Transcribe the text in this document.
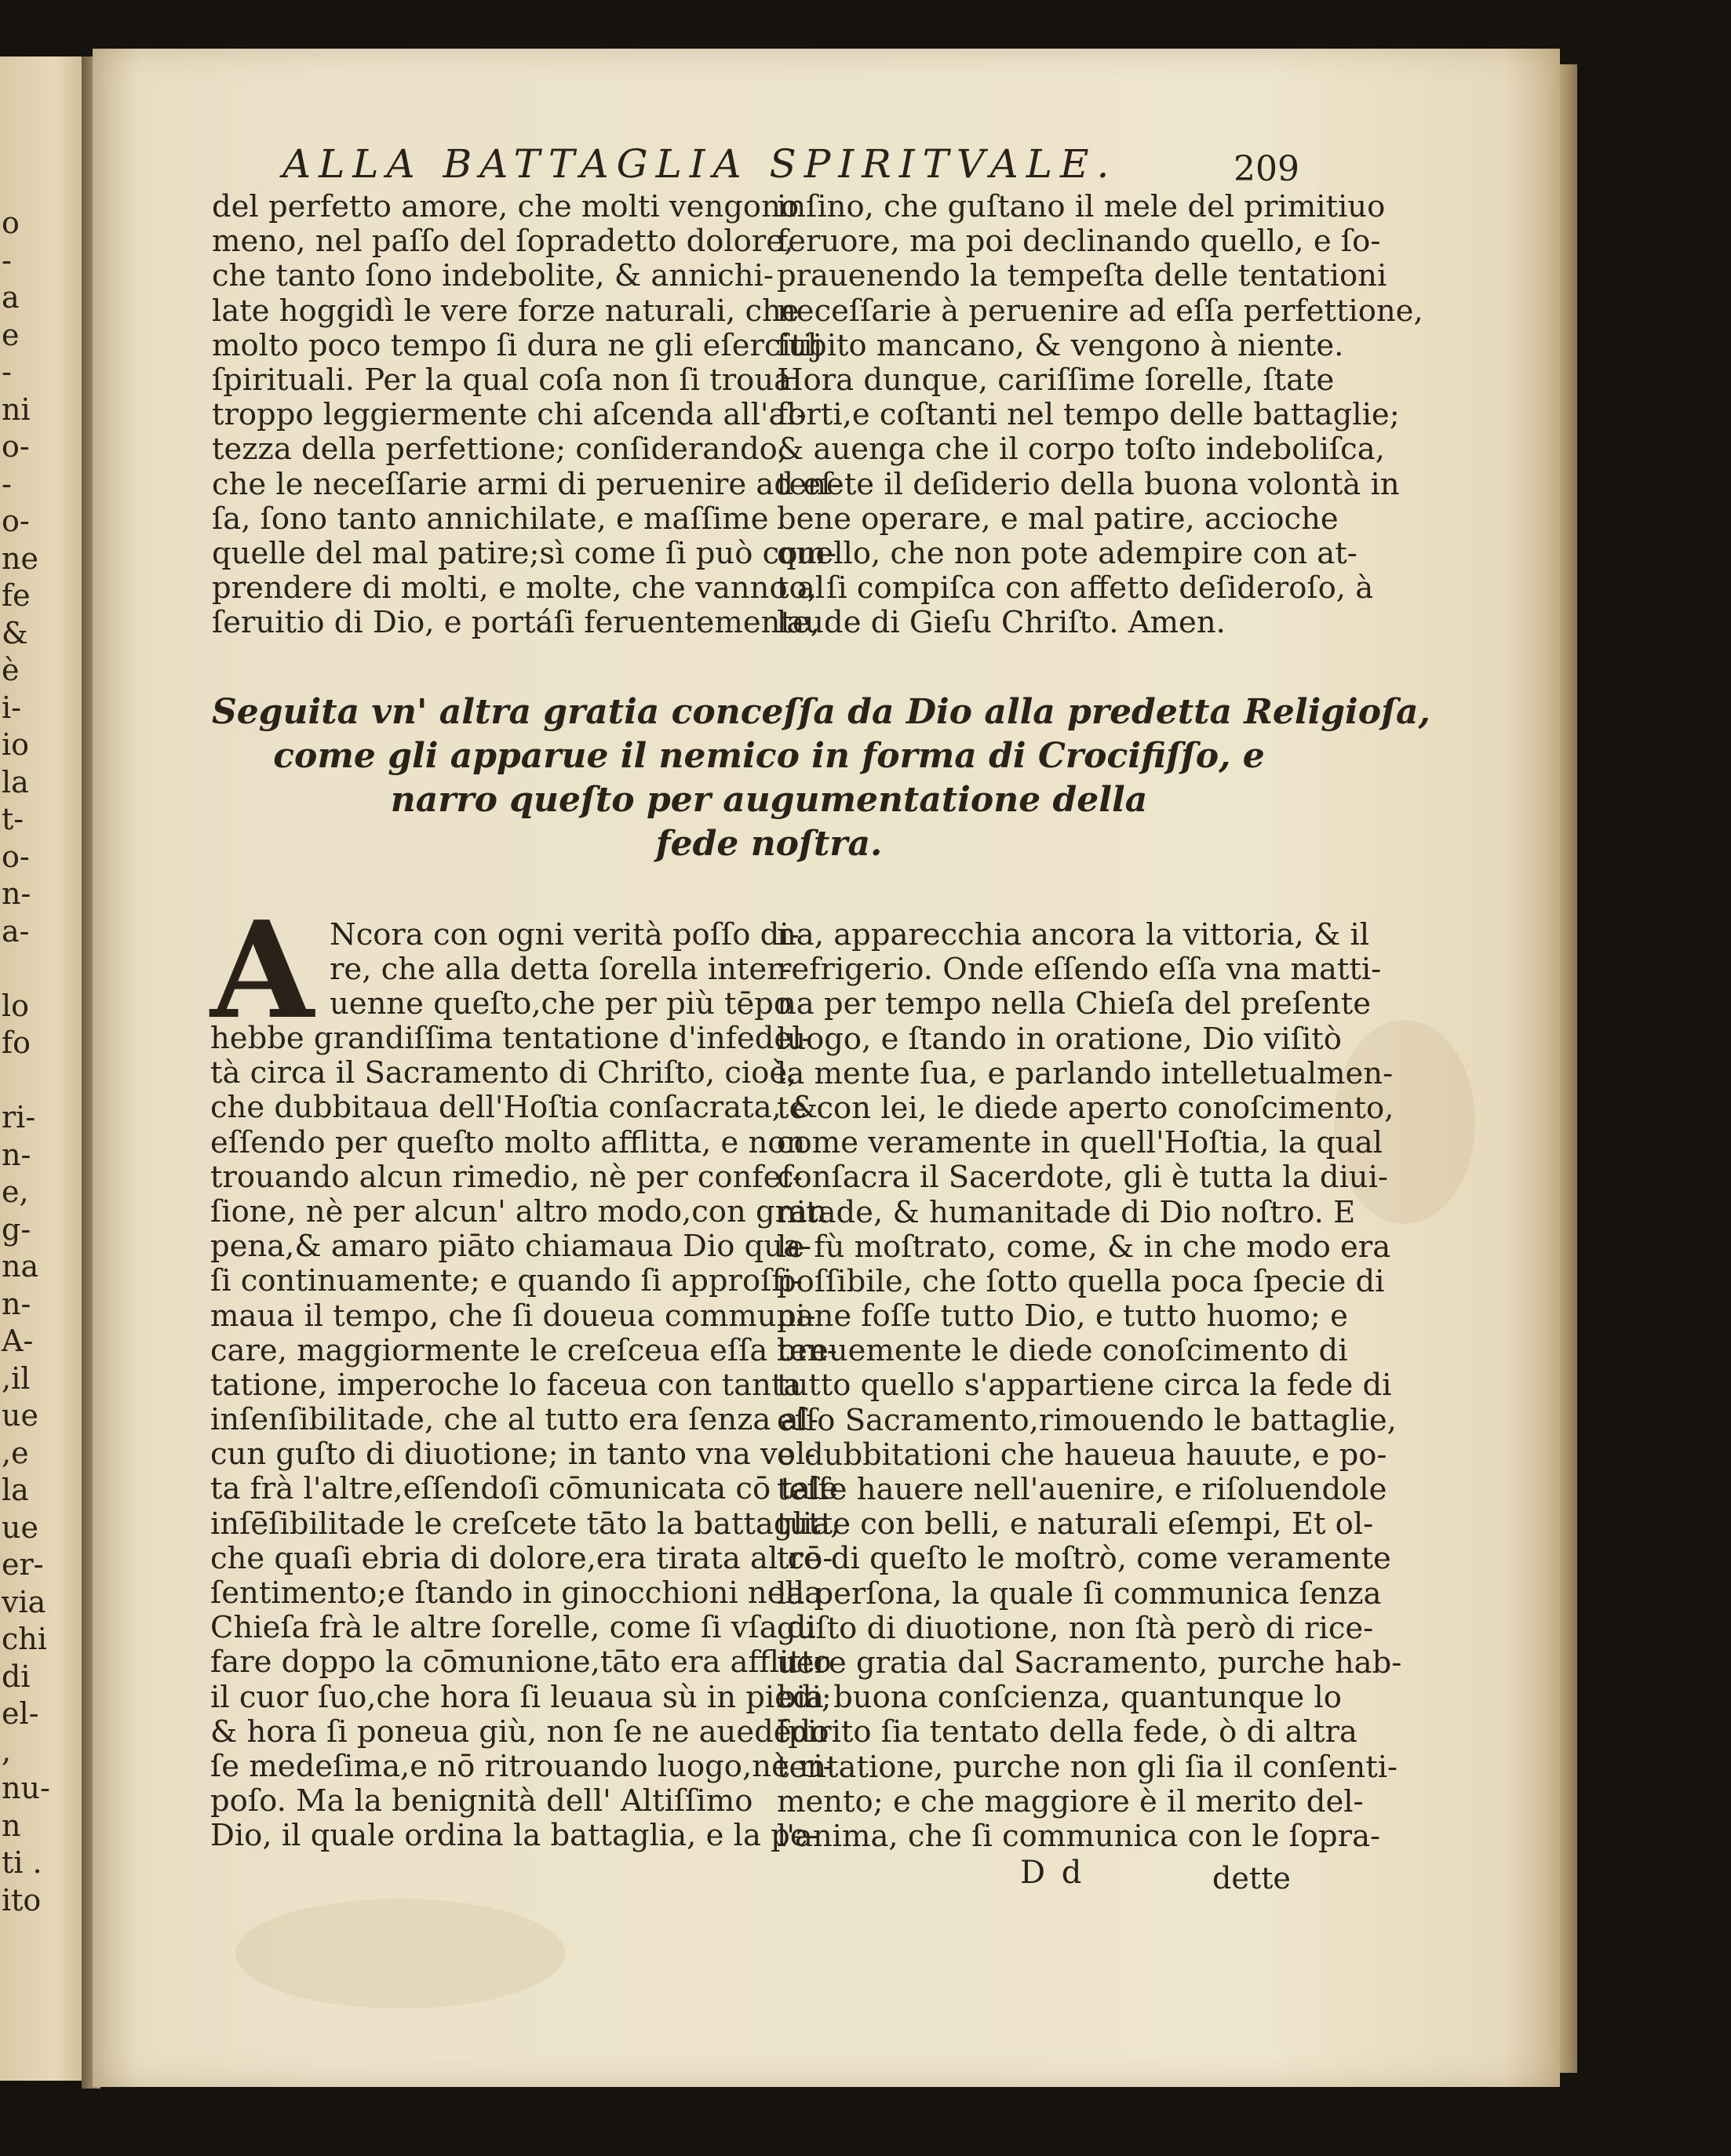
o
-
a
e
-
ni
o-
-
o-
ne
fe
&
è
i-
io
la
t-
o-
n-
a-
lo
fo
ri-
n-
e,
g-
na
n-
A-
,il
ue
,e
la
ue
er-
via
chi
di
el-
,
nu-
n
ti .
ito
ALLA BATTAGLIA SPIRITVALE.	209
del perfetto amore, che molti vengono
meno, nel paſſo del ſopradetto dolore,
che tanto ſono indebolite, & annichi-
late hoggidì le vere forze naturali, che
molto poco tempo ſi dura ne gli eſercitij
ſpirituali. Per la qual coſa non ſi troua
troppo leggiermente chi aſcenda all'al-
tezza della perfettione; conſiderando,
che le neceſſarie armi di peruenire ad eſ-
ſa, ſono tanto annichilate, e maſſime
quelle del mal patire;sì come ſi può com-
prendere di molti, e molte, che vanno al
ſeruitio di Dio, e portáſi feruentemente,
inſino, che guſtano il mele del primitiuo
feruore, ma poi declinando quello, e ſo-
prauenendo la tempeſta delle tentationi
neceſſarie à peruenire ad eſſa perfettione,
ſubito mancano, & vengono à niente.
Hora dunque, cariſſime ſorelle, ſtate
forti,e coſtanti nel tempo delle battaglie;
& auenga che il corpo toſto indeboliſca,
tenete il deſiderio della buona volontà in
bene operare, e mal patire, accioche
quello, che non pote adempire con at-
to, ſi compiſca con affetto deſideroſo, à
laude di Gieſu Chriſto. Amen.
Seguita vn' altra gratia conceſſa da Dio alla predetta Religioſa,
come gli apparue il nemico in forma di Crocifiſſo, e
narro queſto per augumentatione della
fede noſtra.
A Ncora con ogni verità poſſo di-
re, che alla detta ſorella inter-
uenne queſto,che per più tēpo
hebbe grandiſſima tentatione d'infedel-
tà circa il Sacramento di Chriſto, cioè,
che dubbitaua dell'Hoſtia conſacrata, &
eſſendo per queſto molto afflitta, e non
trouando alcun rimedio, nè per confeſ-
ſione, nè per alcun' altro modo,con gran
pena,& amaro piāto chiamaua Dio qua-
ſi continuamente; e quando ſi approſſi-
maua il tempo, che ſi doueua communi-
care, maggiormente le creſceua eſſa ten-
tatione, imperoche lo faceua con tanta
inſenſibilitade, che al tutto era ſenza al-
cun guſto di diuotione; in tanto vna vol-
ta frà l'altre,eſſendoſi cōmunicata cō tale
inſēſibilitade le creſcete tāto la battaglia,
che quaſi ebria di dolore,era tirata al cō-
ſentimento;e ſtando in ginocchioni nella
Chieſa frà le altre ſorelle, come ſi vſa di
fare doppo la cōmunione,tāto era afflitto
il cuor ſuo,che hora ſi leuaua sù in piedi;
& hora ſi poneua giù, non ſe ne auedēdo
ſe medeſima,e nō ritrouando luogo,nè ri-
poſo. Ma la benignità dell' Altiſſimo
Dio, il quale ordina la battaglia, e la pe-
na, apparecchia ancora la vittoria, & il
refrigerio. Onde eſſendo eſſa vna matti-
na per tempo nella Chieſa del preſente
luogo, e ſtando in oratione, Dio viſitò
la mente ſua, e parlando intelletualmen-
te con lei, le diede aperto conoſcimento,
come veramente in quell'Hoſtia, la qual
conſacra il Sacerdote, gli è tutta la diui-
nitade, & humanitade di Dio noſtro. E
le fù moſtrato, come, & in che modo era
poſſibile, che ſotto quella poca ſpecie di
pane foſſe tutto Dio, e tutto huomo; e
breuemente le diede conoſcimento di
tutto quello s'appartiene circa la fede di
eſſo Sacramento,rimouendo le battaglie,
e dubbitationi che haueua hauute, e po-
teſſe hauere nell'auenire, e riſoluendole
tutte con belli, e naturali eſempi, Et ol-
tre di queſto le moſtrò, come veramente
la perſona, la quale ſi communica ſenza
guſto di diuotione, non ſtà però di rice-
uere gratia dal Sacramento, purche hab-
bia buona conſcienza, quantunque lo
ſpirito ſia tentato della fede, ò di altra
tentatione, purche non gli ſia il conſenti-
mento; e che maggiore è il merito del-
l'anima, che ſi communica con le ſopra-
D d	dette
